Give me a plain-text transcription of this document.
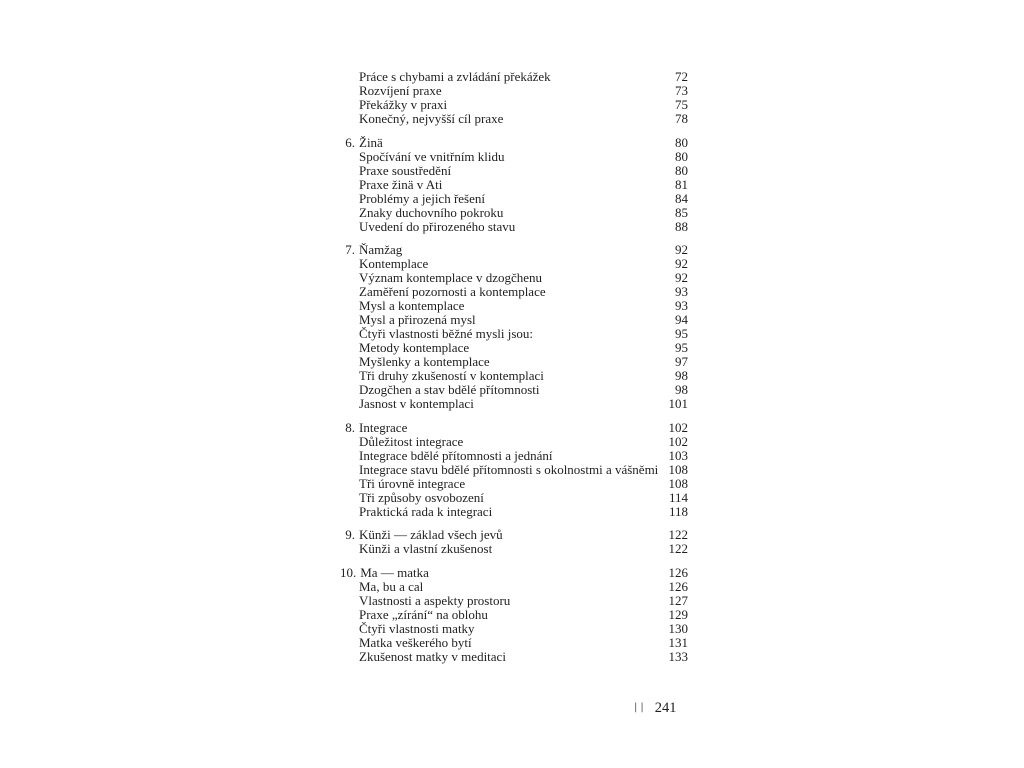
Práce s chybami a zvládání překážek	72
Rozvíjení praxe	73
Překážky v praxi	75
Konečný, nejvyšší cíl praxe	78
6. Žinä	80
Spočívání ve vnitřním klidu	80
Praxe soustředění	80
Praxe žinä v Ati	81
Problémy a jejich řešení	84
Znaky duchovního pokroku	85
Uvedení do přirozeného stavu	88
7. Ňamžag	92
Kontemplace	92
Význam kontemplace v dzogčhenu	92
Zaměření pozornosti a kontemplace	93
Mysl a kontemplace	93
Mysl a přirozená mysl	94
Čtyři vlastnosti běžné mysli jsou:	95
Metody kontemplace	95
Myšlenky a kontemplace	97
Tři druhy zkušeností v kontemplaci	98
Dzogčhen a stav bdělé přítomnosti	98
Jasnost v kontemplaci	101
8. Integrace	102
Důležitost integrace	102
Integrace bdělé přítomnosti a jednání	103
Integrace stavu bdělé přítomnosti s okolnostmi a vášněmi 108
Tři úrovně integrace	108
Tři způsoby osvobození	114
Praktická rada k integraci	118
9. Künži — základ všech jevů	122
Künži a vlastní zkušenost	122
10. Ma — matka	126
Ma, bu a cal	126
Vlastnosti a aspekty prostoru	127
Praxe „zírání“ na oblohu	129
Čtyři vlastnosti matky	130
Matka veškerého bytí	131
Zkušenost matky v meditaci	133
|| 241
